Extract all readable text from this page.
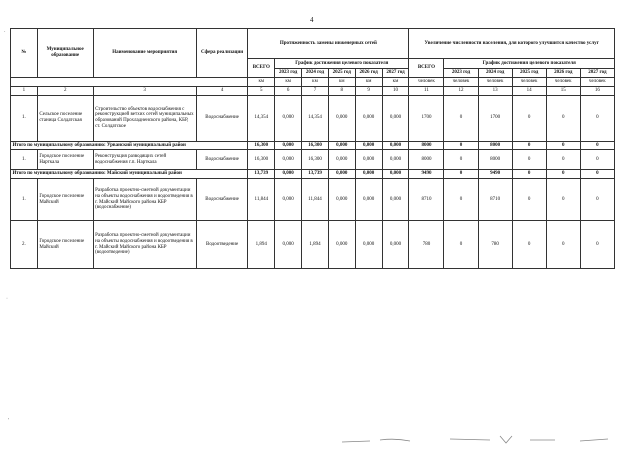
4
.
·
'
№	Муниципальное образование	Наименование мероприятия	Сфера реализации	Протяженность замены инженерных сетей						Увеличение численности населения, для которого улучшится качество услуг					
				ВСЕГО	График достижения целевого показателя					ВСЕГО	График достижения целевого показателя				
					2023 год	2024 год	2025 год	2026 год	2027 год		2023 год	2024 год	2025 год	2026 год	2027 год
				км	км	км	км	км	км	человек	человек	человек	человек	человек	человек
1	2	3	4	5	6	7	8	9	10	11	12	13	14	15	16
1.	Сельское поселение станица Солдатская	Строительство объектов водоснабжения с реконструкцией ветхих сетей муниципальных образований Прохладненского района, КБР, ст. Солдатское	Водоснабжение	14,354	0,000	14,354	0,000	0,000	0,000	1700	0	1700	0	0	0
Итого по муниципальному образованию: Урванский муниципальный район				16,300	0,000	16,300	0,000	0,000	0,000	8000	0	8000	0	0	0
1.	Городское поселение Нарткала	Реконструкция разводящих сетей водоснабжения г.п. Нарткала	Водоснабжение	16,300	0,000	16,300	0,000	0,000	0,000	8000	0	8000	0	0	0
Итого по муниципальному образованию: Майский муниципальный район				13,739	0,000	13,739	0,000	0,000	0,000	9490	0	9490	0	0	0
1.	Городское поселение Майский	Разработка проектно-сметной документации на объекты водоснабжения и водоотведения в г. Майский Майского района КБР (водоснабжение)	Водоснабжение	11,844	0,000	11,844	0,000	0,000	0,000	8710	0	8710	0	0	0
2.	Городское поселение Майский	Разработка проектно-сметной документации на объекты водоснабжения и водоотведения в г. Майский Майского района КБР (водоотведение)	Водоотведение	1,894	0,000	1,894	0,000	0,000	0,000	780	0	780	0	0	0
